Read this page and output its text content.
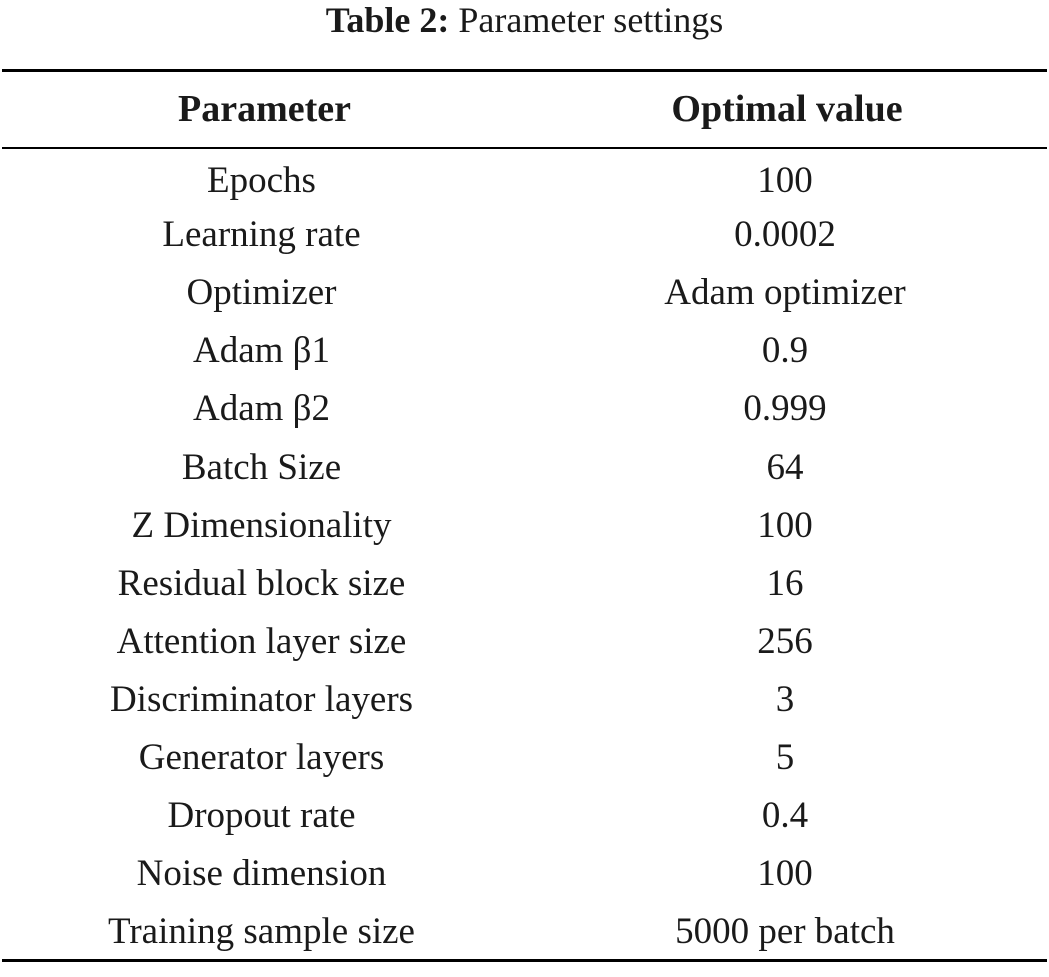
Table 2: Parameter settings
Parameter	Optimal value
Epochs	100
Learning rate	0.0002
Optimizer	Adam optimizer
Adam β1	0.9
Adam β2	0.999
Batch Size	64
Z Dimensionality	100
Residual block size	16
Attention layer size	256
Discriminator layers	3
Generator layers	5
Dropout rate	0.4
Noise dimension	100
Training sample size	5000 per batch
